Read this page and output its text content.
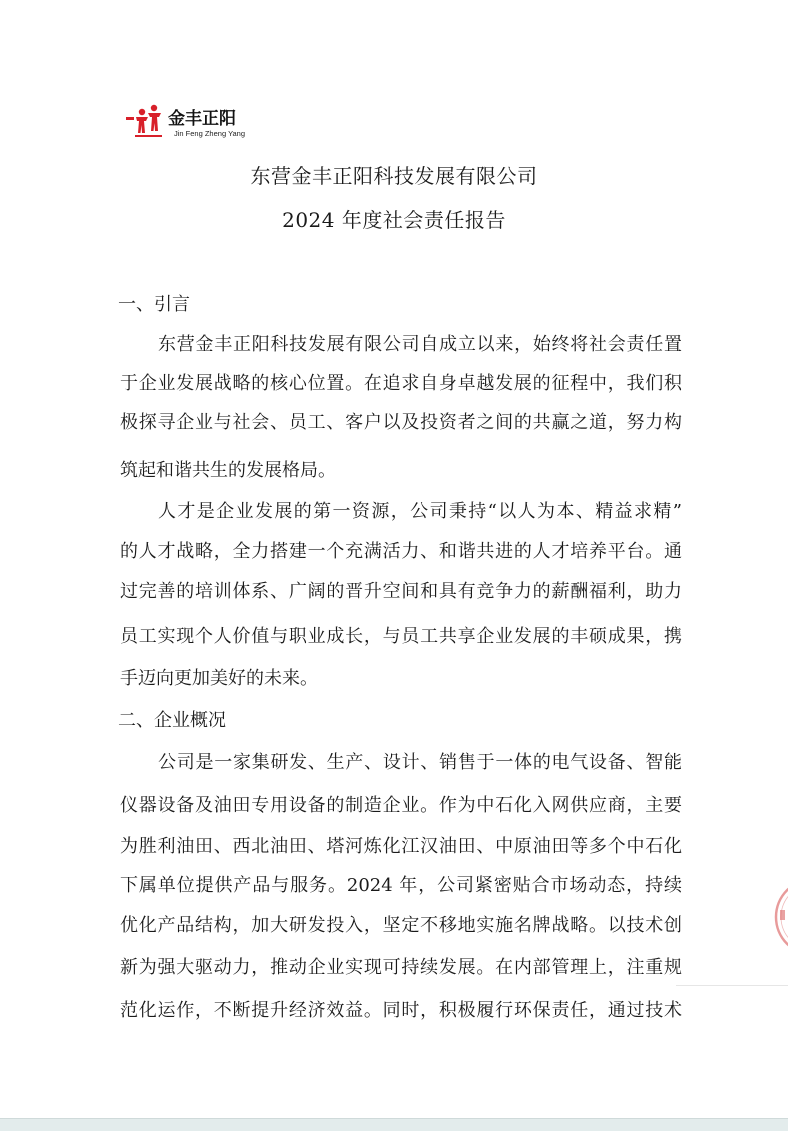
金丰正阳
Jin Feng Zheng Yang
东营金丰正阳科技发展有限公司
2024 年度社会责任报告
一、引言
东营金丰正阳科技发展有限公司自成立以来，始终将社会责任置
于企业发展战略的核心位置。在追求自身卓越发展的征程中，我们积
极探寻企业与社会、员工、客户以及投资者之间的共赢之道，努力构
筑起和谐共生的发展格局。
人才是企业发展的第一资源，公司秉持“以人为本、精益求精”
的人才战略，全力搭建一个充满活力、和谐共进的人才培养平台。通
过完善的培训体系、广阔的晋升空间和具有竞争力的薪酬福利，助力
员工实现个人价值与职业成长，与员工共享企业发展的丰硕成果，携
手迈向更加美好的未来。
二、企业概况
公司是一家集研发、生产、设计、销售于一体的电气设备、智能
仪器设备及油田专用设备的制造企业。作为中石化入网供应商，主要
为胜利油田、西北油田、塔河炼化江汉油田、中原油田等多个中石化
下属单位提供产品与服务。2024 年，公司紧密贴合市场动态，持续
优化产品结构，加大研发投入，坚定不移地实施名牌战略。以技术创
新为强大驱动力，推动企业实现可持续发展。在内部管理上，注重规
范化运作，不断提升经济效益。同时，积极履行环保责任，通过技术
